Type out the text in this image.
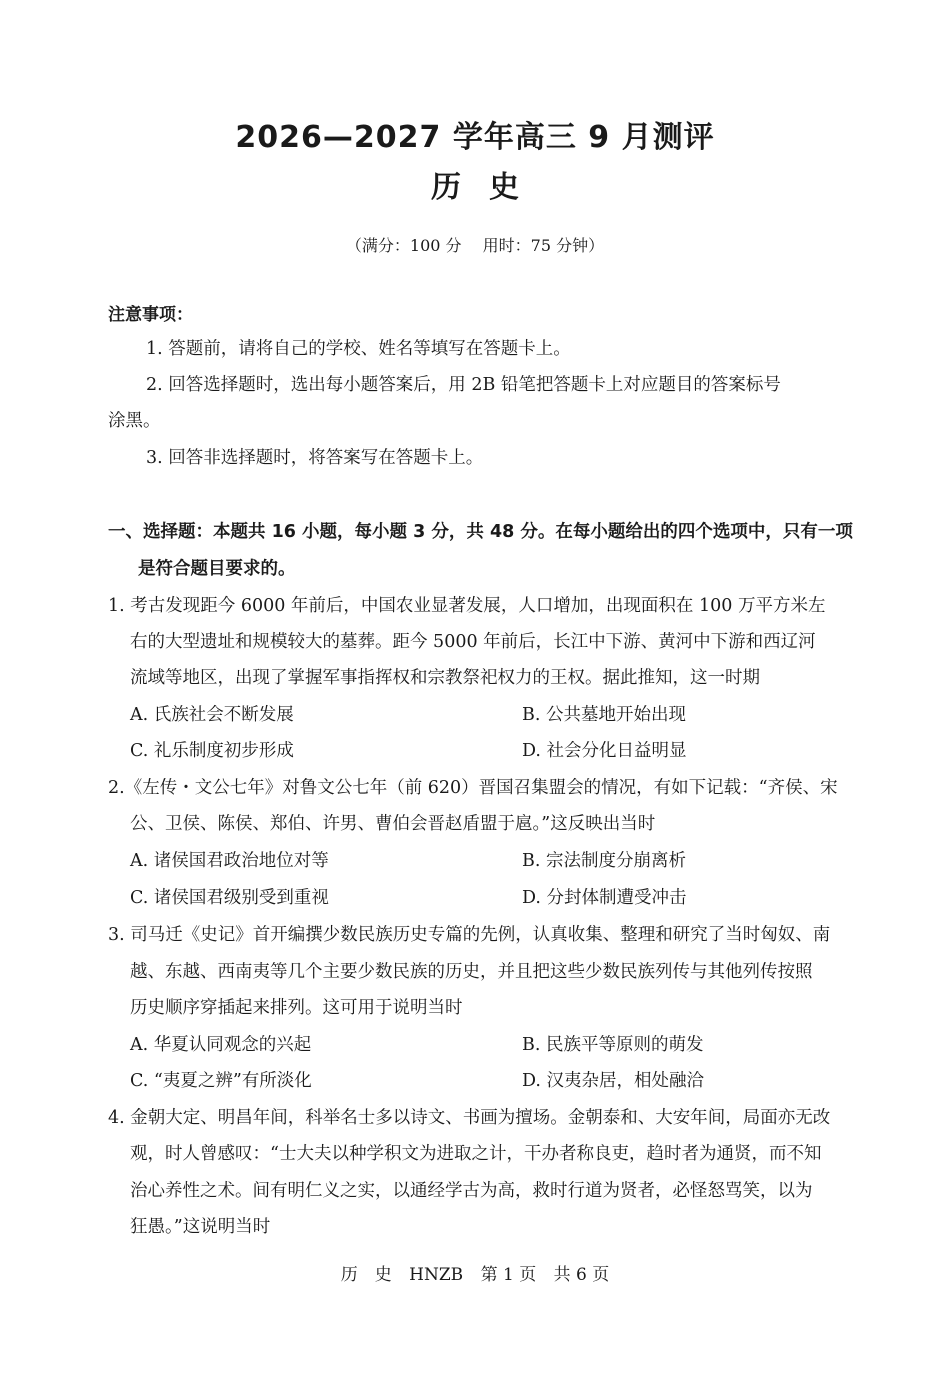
2026—2027 学年高三 9 月测评
历史
（满分：100 分 用时：75 分钟）
注意事项：
1. 答题前，请将自己的学校、姓名等填写在答题卡上。
2. 回答选择题时，选出每小题答案后，用 2B 铅笔把答题卡上对应题目的答案标号
涂黑。
3. 回答非选择题时，将答案写在答题卡上。
一、选择题：本题共 16 小题，每小题 3 分，共 48 分。在每小题给出的四个选项中，只有一项
是符合题目要求的。
1. 考古发现距今 6000 年前后，中国农业显著发展，人口增加，出现面积在 100 万平方米左
右的大型遗址和规模较大的墓葬。距今 5000 年前后，长江中下游、黄河中下游和西辽河
流域等地区，出现了掌握军事指挥权和宗教祭祀权力的王权。据此推知，这一时期
A. 氏族社会不断发展	B. 公共墓地开始出现
C. 礼乐制度初步形成	D. 社会分化日益明显
2.《左传・文公七年》对鲁文公七年（前 620）晋国召集盟会的情况，有如下记载：“齐侯、宋
公、卫侯、陈侯、郑伯、许男、曹伯会晋赵盾盟于扈。”这反映出当时
A. 诸侯国君政治地位对等	B. 宗法制度分崩离析
C. 诸侯国君级别受到重视	D. 分封体制遭受冲击
3. 司马迁《史记》首开编撰少数民族历史专篇的先例，认真收集、整理和研究了当时匈奴、南
越、东越、西南夷等几个主要少数民族的历史，并且把这些少数民族列传与其他列传按照
历史顺序穿插起来排列。这可用于说明当时
A. 华夏认同观念的兴起	B. 民族平等原则的萌发
C. “夷夏之辨”有所淡化	D. 汉夷杂居，相处融洽
4. 金朝大定、明昌年间，科举名士多以诗文、书画为擅场。金朝泰和、大安年间，局面亦无改
观，时人曾感叹：“士大夫以种学积文为进取之计，干办者称良吏，趋时者为通贤，而不知
治心养性之术。间有明仁义之实，以通经学古为高，救时行道为贤者，必怪怒骂笑，以为
狂愚。”这说明当时
历　史 HNZB 第 1 页 共 6 页
